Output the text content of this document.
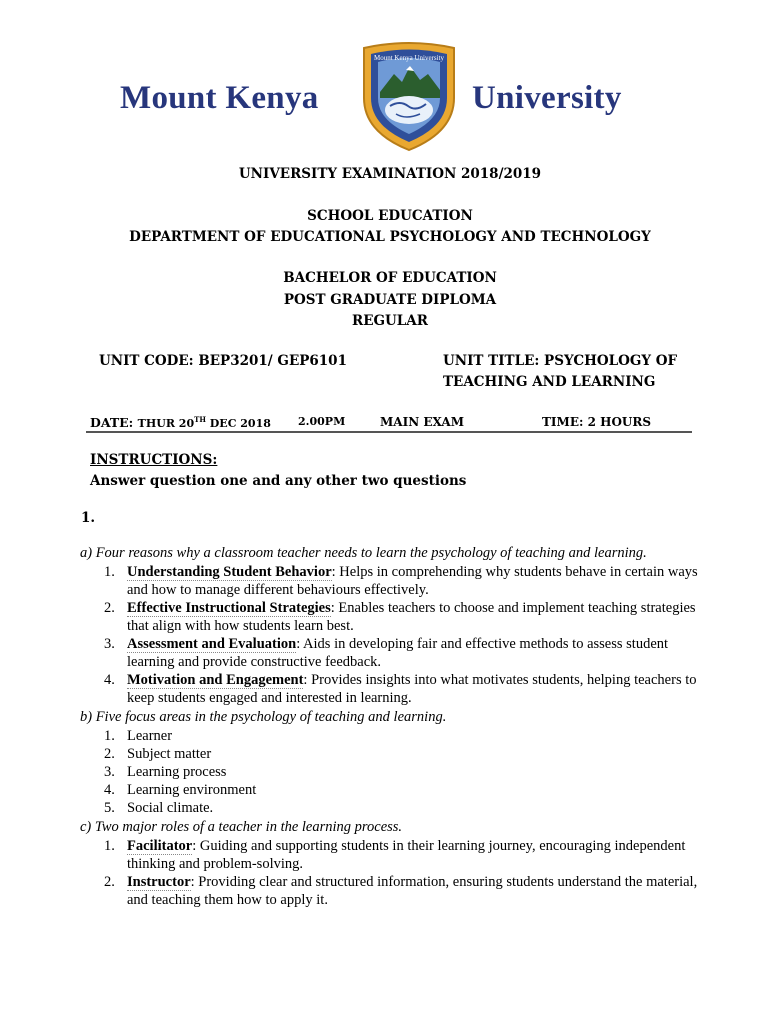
Mount Kenya
Mount Kenya University
University
UNIVERSITY EXAMINATION 2018/2019
SCHOOL EDUCATION
DEPARTMENT OF EDUCATIONAL PSYCHOLOGY AND TECHNOLOGY
BACHELOR OF EDUCATION
POST GRADUATE DIPLOMA
REGULAR
UNIT CODE: BEP3201/ GEP6101	UNIT TITLE: PSYCHOLOGY OF
TEACHING AND LEARNING
DATE: THUR 20TH DEC 2018 2.00PM	MAIN EXAM	TIME: 2 HOURS
INSTRUCTIONS:
Answer question one and any other two questions
1.

a) Four reasons why a classroom teacher needs to learn the psychology of teaching and learning.

1. Understanding Student Behavior: Helps in comprehending why students behave in certain ways and how to manage different behaviours effectively.
2. Effective Instructional Strategies: Enables teachers to choose and implement teaching strategies that align with how students learn best.
3. Assessment and Evaluation: Aids in developing fair and effective methods to assess student learning and provide constructive feedback.
4. Motivation and Engagement: Provides insights into what motivates students, helping teachers to keep students engaged and interested in learning.

b) Five focus areas in the psychology of teaching and learning.

1. Learner
2. Subject matter
3. Learning process
4. Learning environment
5. Social climate.

c) Two major roles of a teacher in the learning process.

1. Facilitator: Guiding and supporting students in their learning journey, encouraging independent thinking and problem-solving.
2. Instructor: Providing clear and structured information, ensuring students understand the material, and teaching them how to apply it.
